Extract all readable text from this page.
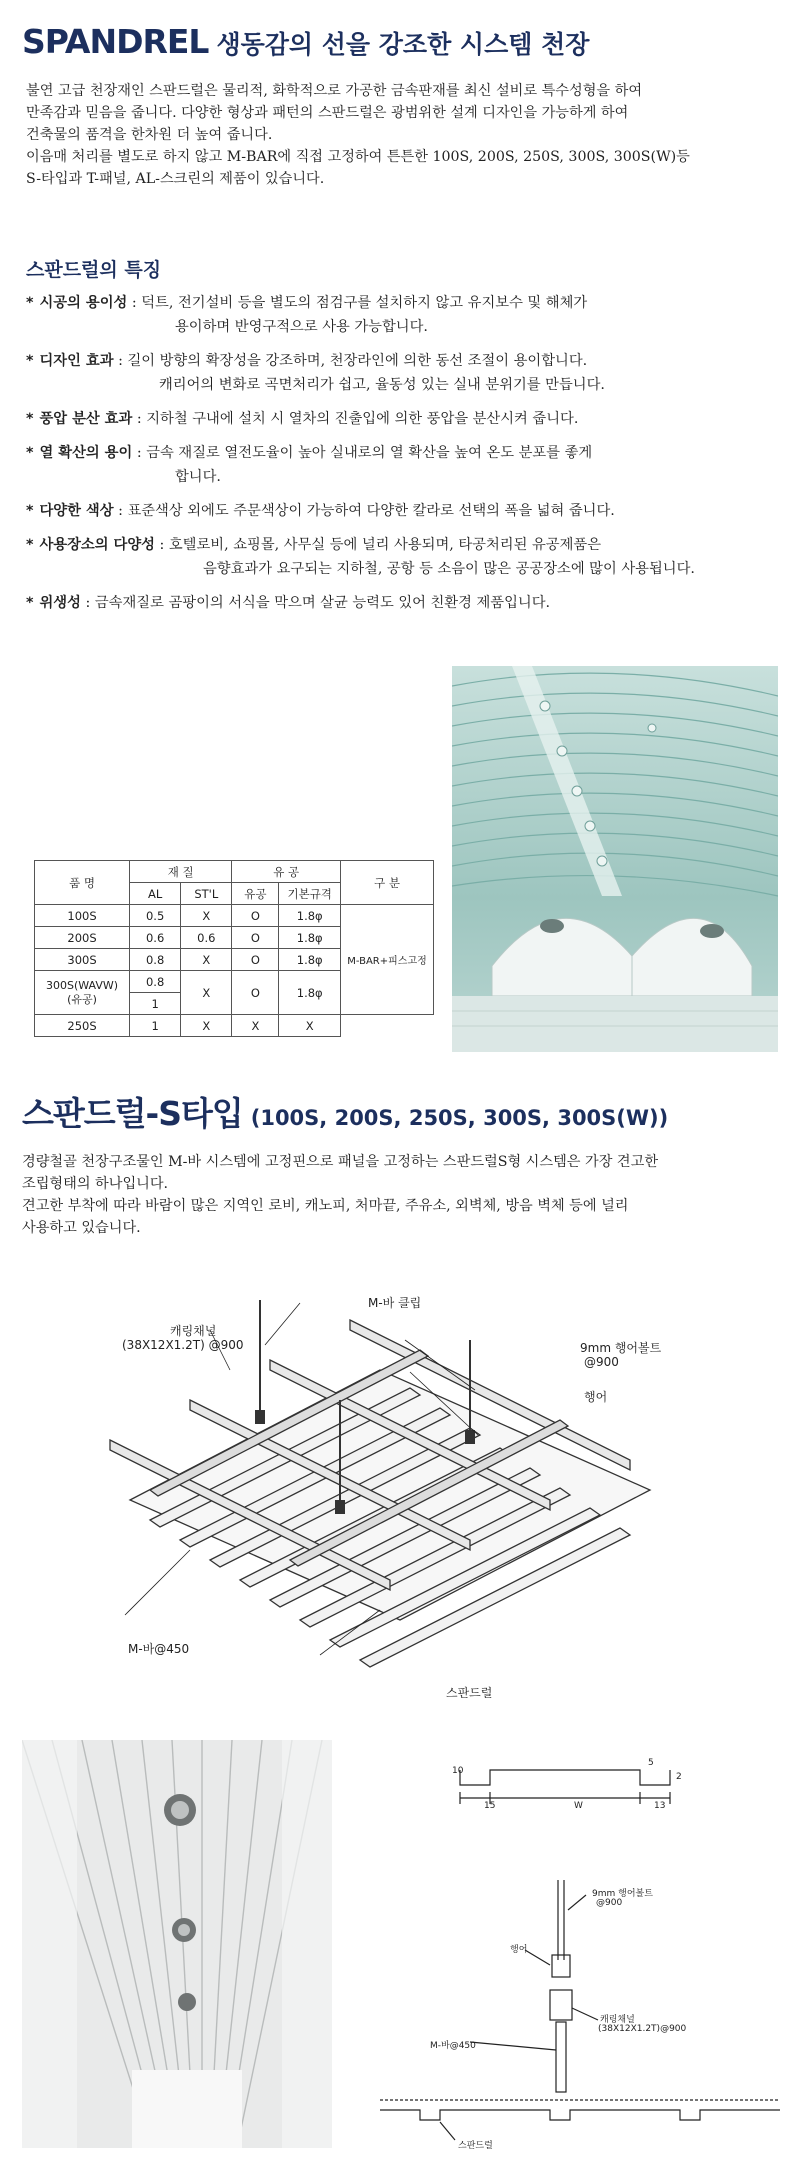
SPANDREL 생동감의 선을 강조한 시스템 천장

불연 고급 천장재인 스판드럴은 물리적, 화학적으로 가공한 금속판재를 최신 설비로 특수성형을 하여

만족감과 믿음을 줍니다. 다양한 형상과 패턴의 스판드럴은 광범위한 설계 디자인을 가능하게 하여

건축물의 품격을 한차원 더 높여 줍니다.

이음매 처리를 별도로 하지 않고 M-BAR에 직접 고정하여 튼튼한 100S, 200S, 250S, 300S, 300S(W)등

S-타입과 T-패널, AL-스크린의 제품이 있습니다.

스판드럴의 특징
* 시공의 용이성 : 덕트, 전기설비 등을 별도의 점검구를 설치하지 않고 유지보수 및 해체가
용이하며 반영구적으로 사용 가능합니다.
* 디자인 효과 : 길이 방향의 확장성을 강조하며, 천장라인에 의한 동선 조절이 용이합니다.
캐리어의 변화로 곡면처리가 쉽고, 율동성 있는 실내 분위기를 만듭니다.
* 풍압 분산 효과 : 지하철 구내에 설치 시 열차의 진출입에 의한 풍압을 분산시켜 줍니다.
* 열 확산의 용이 : 금속 재질로 열전도율이 높아 실내로의 열 확산을 높여 온도 분포를 좋게
합니다.
* 다양한 색상 : 표준색상 외에도 주문색상이 가능하여 다양한 칼라로 선택의 폭을 넓혀 줍니다.
* 사용장소의 다양성 : 호텔로비, 쇼핑몰, 사무실 등에 널리 사용되며, 타공처리된 유공제품은
음향효과가 요구되는 지하철, 공항 등 소음이 많은 공공장소에 많이 사용됩니다.
* 위생성 : 금속재질로 곰팡이의 서식을 막으며 살균 능력도 있어 친환경 제품입니다.
품 명	재 질		유 공		구 분
	AL	ST'L	유공	기본규격	
100S	0.5	X	O	1.8φ	M-BAR+피스고정
200S	0.6	0.6	O	1.8φ	
300S	0.8	X	O	1.8φ	
300S(WAVW)
(유공)	0.8	X	O	1.8φ	
	1				
250S	1	X	X	X	
스판드럴-S타입 (100S, 200S, 250S, 300S, 300S(W))

경량철골 천장구조물인 M-바 시스템에 고정핀으로 패널을 고정하는 스판드럴S형 시스템은 가장 견고한

조립형태의 하나입니다.

견고한 부착에 따라 바람이 많은 지역인 로비, 캐노피, 처마끝, 주유소, 외벽체, 방음 벽체 등에 널리

사용하고 있습니다.

M-바 클립
캐링채널
(38X12X1.2T) @900	9mm 행어볼트
@900
행어
M-바@450
스판드럴
10
5
2
15	W	13
9mm 행어볼트
@900
행어
M-바@450
캐링채널
(38X12X1.2T)@900
스판드럴
